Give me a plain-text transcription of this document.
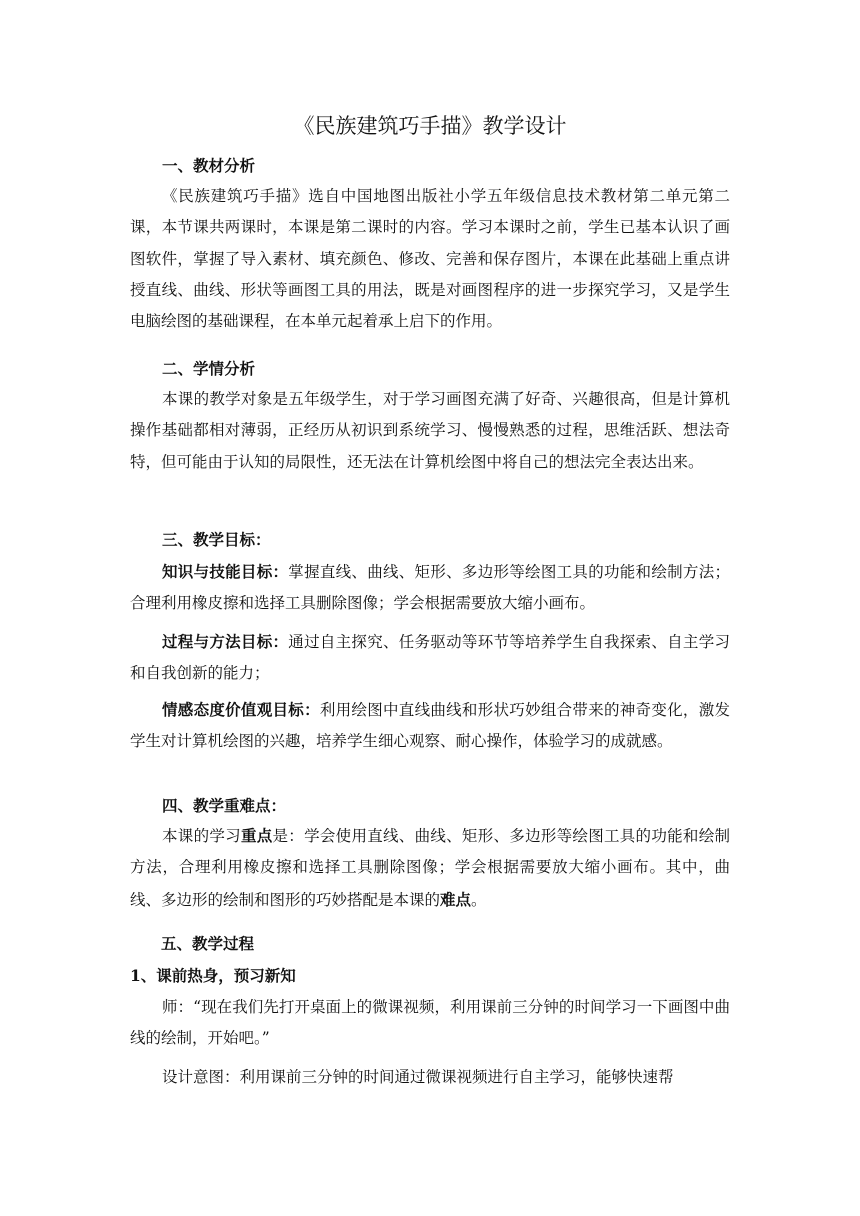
《民族建筑巧手描》教学设计

一、教材分析

《民族建筑巧手描》选自中国地图出版社小学五年级信息技术教材第二单元第二课，本节课共两课时，本课是第二课时的内容。学习本课时之前，学生已基本认识了画图软件，掌握了导入素材、填充颜色、修改、完善和保存图片，本课在此基础上重点讲授直线、曲线、形状等画图工具的用法，既是对画图程序的进一步探究学习，又是学生电脑绘图的基础课程，在本单元起着承上启下的作用。

二、学情分析

本课的教学对象是五年级学生，对于学习画图充满了好奇、兴趣很高，但是计算机操作基础都相对薄弱，正经历从初识到系统学习、慢慢熟悉的过程，思维活跃、想法奇特，但可能由于认知的局限性，还无法在计算机绘图中将自己的想法完全表达出来。

三、教学目标：

知识与技能目标：掌握直线、曲线、矩形、多边形等绘图工具的功能和绘制方法；合理利用橡皮擦和选择工具删除图像；学会根据需要放大缩小画布。

过程与方法目标：通过自主探究、任务驱动等环节等培养学生自我探索、自主学习和自我创新的能力；

情感态度价值观目标：利用绘图中直线曲线和形状巧妙组合带来的神奇变化，激发学生对计算机绘图的兴趣，培养学生细心观察、耐心操作，体验学习的成就感。

四、教学重难点：

本课的学习重点是：学会使用直线、曲线、矩形、多边形等绘图工具的功能和绘制方法，合理利用橡皮擦和选择工具删除图像；学会根据需要放大缩小画布。其中，曲线、多边形的绘制和图形的巧妙搭配是本课的难点。

五、教学过程

1、课前热身，预习新知

师：“现在我们先打开桌面上的微课视频，利用课前三分钟的时间学习一下画图中曲线的绘制，开始吧。”

设计意图：利用课前三分钟的时间通过微课视频进行自主学习，能够快速帮
